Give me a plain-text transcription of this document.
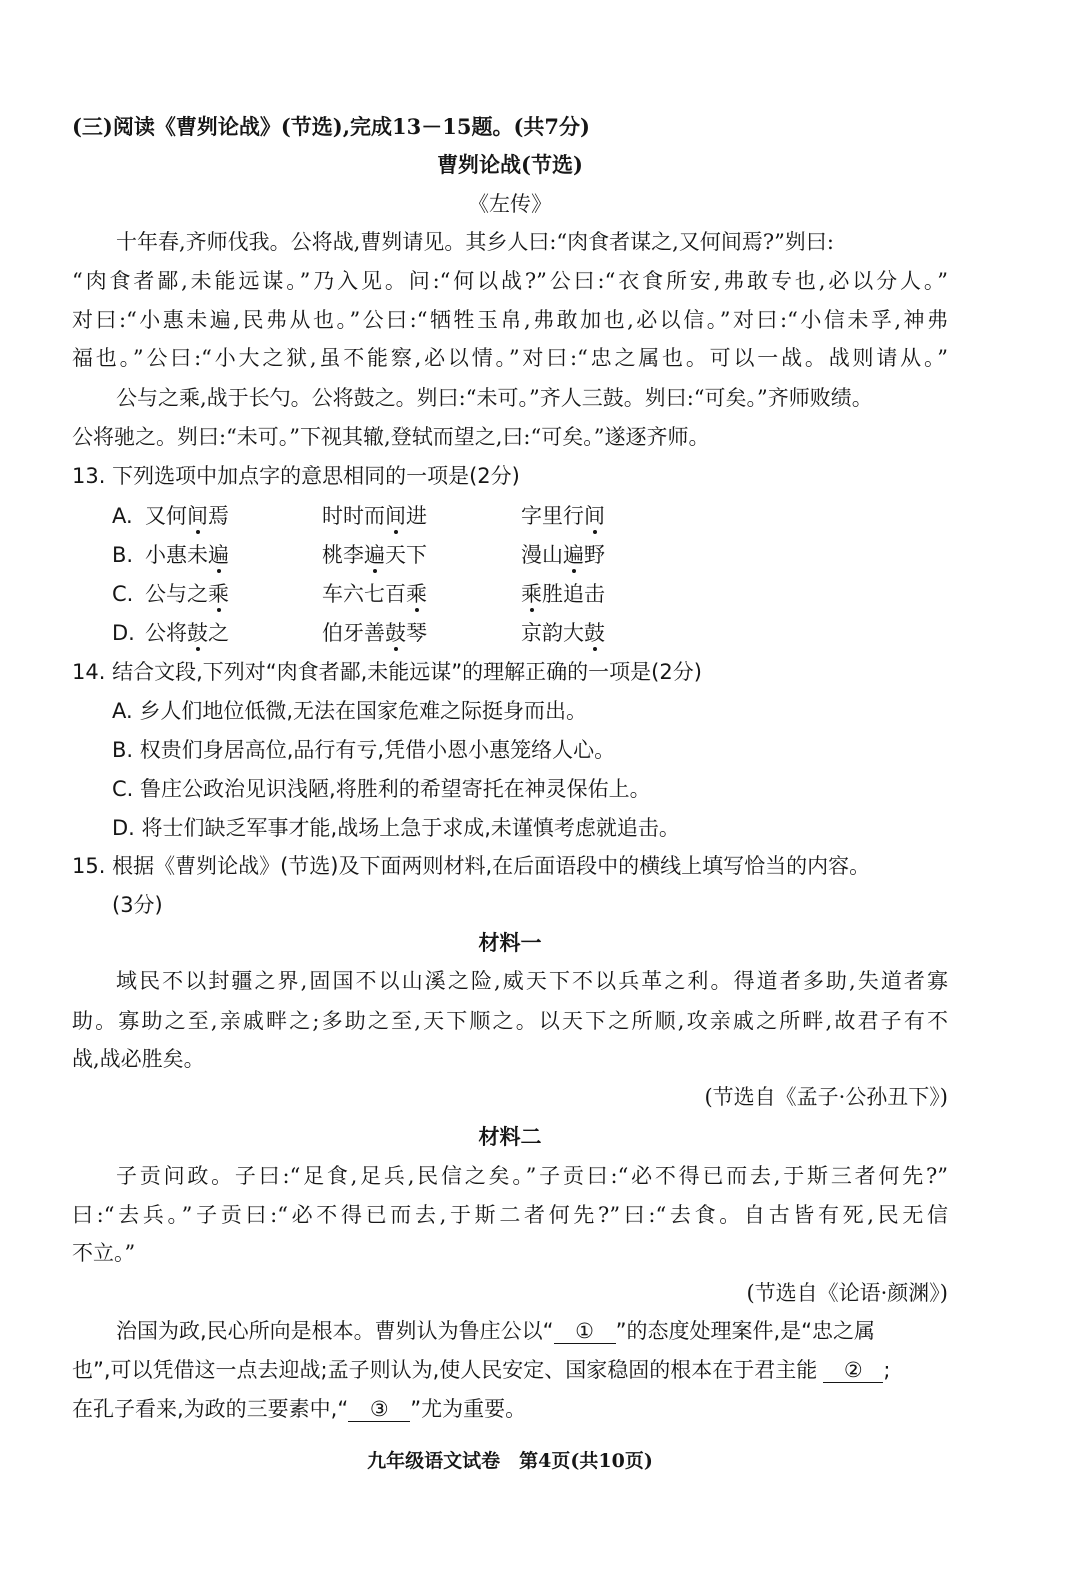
(三)阅读《曹刿论战》(节选),完成13－15题。(共7分)
曹刿论战(节选)
《左传》
十年春,齐师伐我。公将战,曹刿请见。其乡人曰:“肉食者谋之,又何间焉?”刿曰:
“肉食者鄙,未能远谋。”乃入见。问:“何以战?”公曰:“衣食所安,弗敢专也,必以分人。”
对曰:“小惠未遍,民弗从也。”公曰:“牺牲玉帛,弗敢加也,必以信。”对曰:“小信未孚,神弗
福也。”公曰:“小大之狱,虽不能察,必以情。”对曰:“忠之属也。可以一战。战则请从。”
公与之乘,战于长勺。公将鼓之。刿曰:“未可。”齐人三鼓。刿曰:“可矣。”齐师败绩。
公将驰之。刿曰:“未可。”下视其辙,登轼而望之,曰:“可矣。”遂逐齐师。
13. 下列选项中加点字的意思相同的一项是(2分)
A. 又何间焉	时时而间进	字里行间
B. 小惠未遍	桃李遍天下	漫山遍野
C. 公与之乘	车六七百乘	乘胜追击
D. 公将鼓之	伯牙善鼓琴	京韵大鼓
14. 结合文段,下列对“肉食者鄙,未能远谋”的理解正确的一项是(2分)
A. 乡人们地位低微,无法在国家危难之际挺身而出。
B. 权贵们身居高位,品行有亏,凭借小恩小惠笼络人心。
C. 鲁庄公政治见识浅陋,将胜利的希望寄托在神灵保佑上。
D. 将士们缺乏军事才能,战场上急于求成,未谨慎考虑就追击。
15. 根据《曹刿论战》(节选)及下面两则材料,在后面语段中的横线上填写恰当的内容。
(3分)
材料一
域民不以封疆之界,固国不以山溪之险,威天下不以兵革之利。得道者多助,失道者寡
助。寡助之至,亲戚畔之;多助之至,天下顺之。以天下之所顺,攻亲戚之所畔,故君子有不
战,战必胜矣。
(节选自《孟子·公孙丑下》)
材料二
子贡问政。子曰:“足食,足兵,民信之矣。”子贡曰:“必不得已而去,于斯三者何先?”
曰:“去兵。”子贡曰:“必不得已而去,于斯二者何先?”曰:“去食。自古皆有死,民无信
不立。”
(节选自《论语·颜渊》)
治国为政,民心所向是根本。曹刿认为鲁庄公以“ ① ”的态度处理案件,是“忠之属
也”,可以凭借这一点去迎战;孟子则认为,使人民安定、国家稳固的根本在于君主能 ② ;
在孔子看来,为政的三要素中,“ ③ ”尤为重要。
九年级语文试卷　第4页(共10页)
